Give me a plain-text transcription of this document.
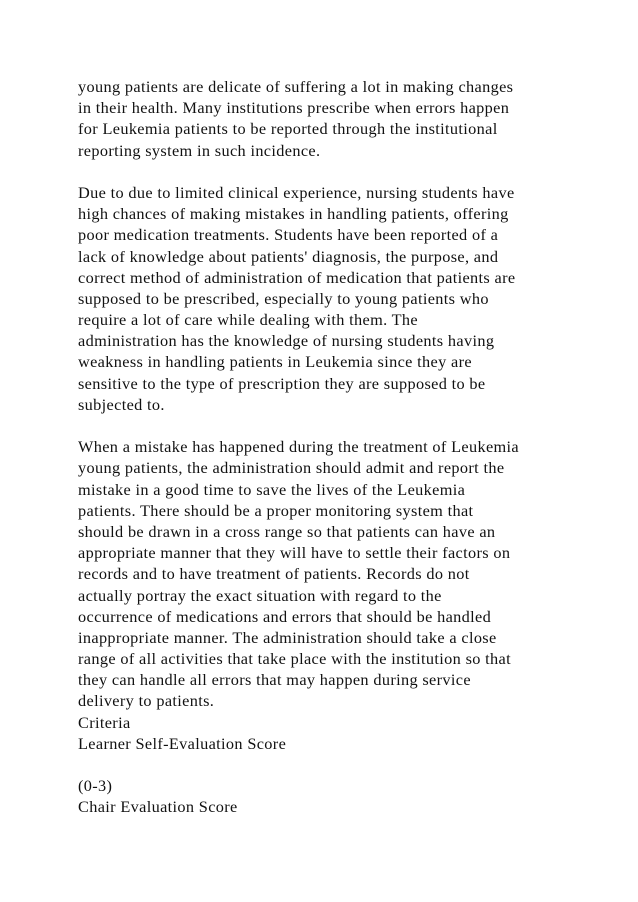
young patients are delicate of suffering a lot in making changes
in their health. Many institutions prescribe when errors happen
for Leukemia patients to be reported through the institutional
reporting system in such incidence.
Due to due to limited clinical experience, nursing students have
high chances of making mistakes in handling patients, offering
poor medication treatments. Students have been reported of a
lack of knowledge about patients' diagnosis, the purpose, and
correct method of administration of medication that patients are
supposed to be prescribed, especially to young patients who
require a lot of care while dealing with them. The
administration has the knowledge of nursing students having
weakness in handling patients in Leukemia since they are
sensitive to the type of prescription they are supposed to be
subjected to.
When a mistake has happened during the treatment of Leukemia
young patients, the administration should admit and report the
mistake in a good time to save the lives of the Leukemia
patients. There should be a proper monitoring system that
should be drawn in a cross range so that patients can have an
appropriate manner that they will have to settle their factors on
records and to have treatment of patients. Records do not
actually portray the exact situation with regard to the
occurrence of medications and errors that should be handled
inappropriate manner. The administration should take a close
range of all activities that take place with the institution so that
they can handle all errors that may happen during service
delivery to patients.
Criteria
Learner Self-Evaluation Score
(0-3)
Chair Evaluation Score
